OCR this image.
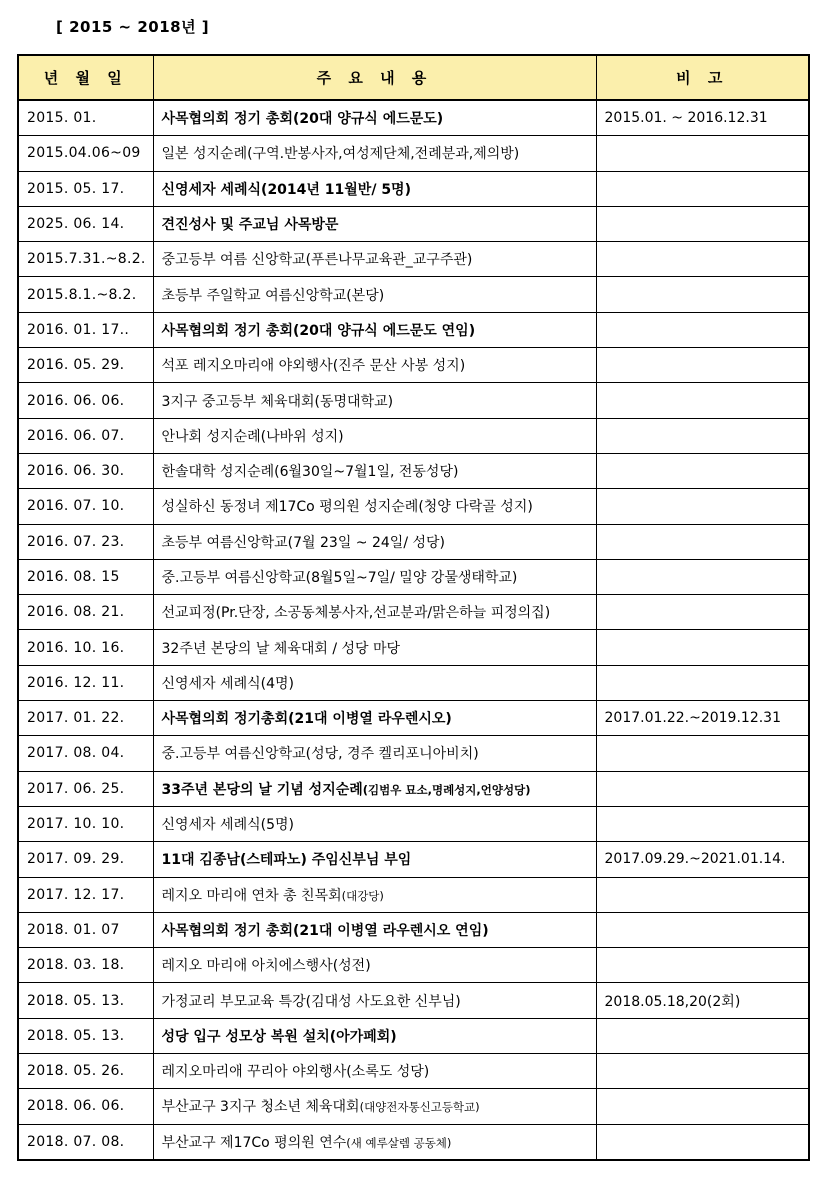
[ 2015 ~ 2018년 ]
년 월 일	주 요 내 용	비 고
2015. 01.	사목협의회 정기 총회(20대 양규식 에드문도)	2015.01. ~ 2016.12.31
2015.04.06~09	일본 성지순례(구역.반봉사자,여성제단체,전례분과,제의방)	
2015. 05. 17.	신영세자 세례식(2014년 11월반/ 5명)	
2025. 06. 14.	견진성사 및 주교님 사목방문	
2015.7.31.~8.2.	중고등부 여름 신앙학교(푸른나무교육관_교구주관)	
2015.8.1.~8.2.	초등부 주일학교 여름신앙학교(본당)	
2016. 01. 17..	사목협의회 정기 총회(20대 양규식 에드문도 연임)	
2016. 05. 29.	석포 레지오마리애 야외행사(진주 문산 사봉 성지)	
2016. 06. 06.	3지구 중고등부 체육대회(동명대학교)	
2016. 06. 07.	안나회 성지순례(나바위 성지)	
2016. 06. 30.	한솔대학 성지순례(6월30일~7월1일, 전동성당)	
2016. 07. 10.	성실하신 동정녀 제17Co 평의원 성지순례(청양 다락골 성지)	
2016. 07. 23.	초등부 여름신앙학교(7월 23일 ~ 24일/ 성당)	
2016. 08. 15	중.고등부 여름신앙학교(8월5일~7일/ 밀양 강물생태학교)	
2016. 08. 21.	선교피정(Pr.단장, 소공동체봉사자,선교분과/맑은하늘 피정의집)	
2016. 10. 16.	32주년 본당의 날 체육대회 / 성당 마당	
2016. 12. 11.	신영세자 세례식(4명)	
2017. 01. 22.	사목협의회 정기총회(21대 이병열 라우렌시오)	2017.01.22.~2019.12.31
2017. 08. 04.	중.고등부 여름신앙학교(성당, 경주 켈리포니아비치)	
2017. 06. 25.	33주년 본당의 날 기념 성지순례(김범우 묘소,명례성지,언양성당)	
2017. 10. 10.	신영세자 세례식(5명)	
2017. 09. 29.	11대 김종남(스테파노) 주임신부님 부임	2017.09.29.~2021.01.14.
2017. 12. 17.	레지오 마리애 연차 총 친목회(대강당)	
2018. 01. 07	사목협의회 정기 총회(21대 이병열 라우렌시오 연임)	
2018. 03. 18.	레지오 마리애 아치에스행사(성전)	
2018. 05. 13.	가정교리 부모교육 특강(김대성 사도요한 신부님)	2018.05.18,20(2회)
2018. 05. 13.	성당 입구 성모상 복원 설치(아가페회)	
2018. 05. 26.	레지오마리애 꾸리아 야외행사(소록도 성당)	
2018. 06. 06.	부산교구 3지구 청소년 체육대회(대양전자통신고등학교)	
2018. 07. 08.	부산교구 제17Co 평의원 연수(새 예루살렘 공동체)	
